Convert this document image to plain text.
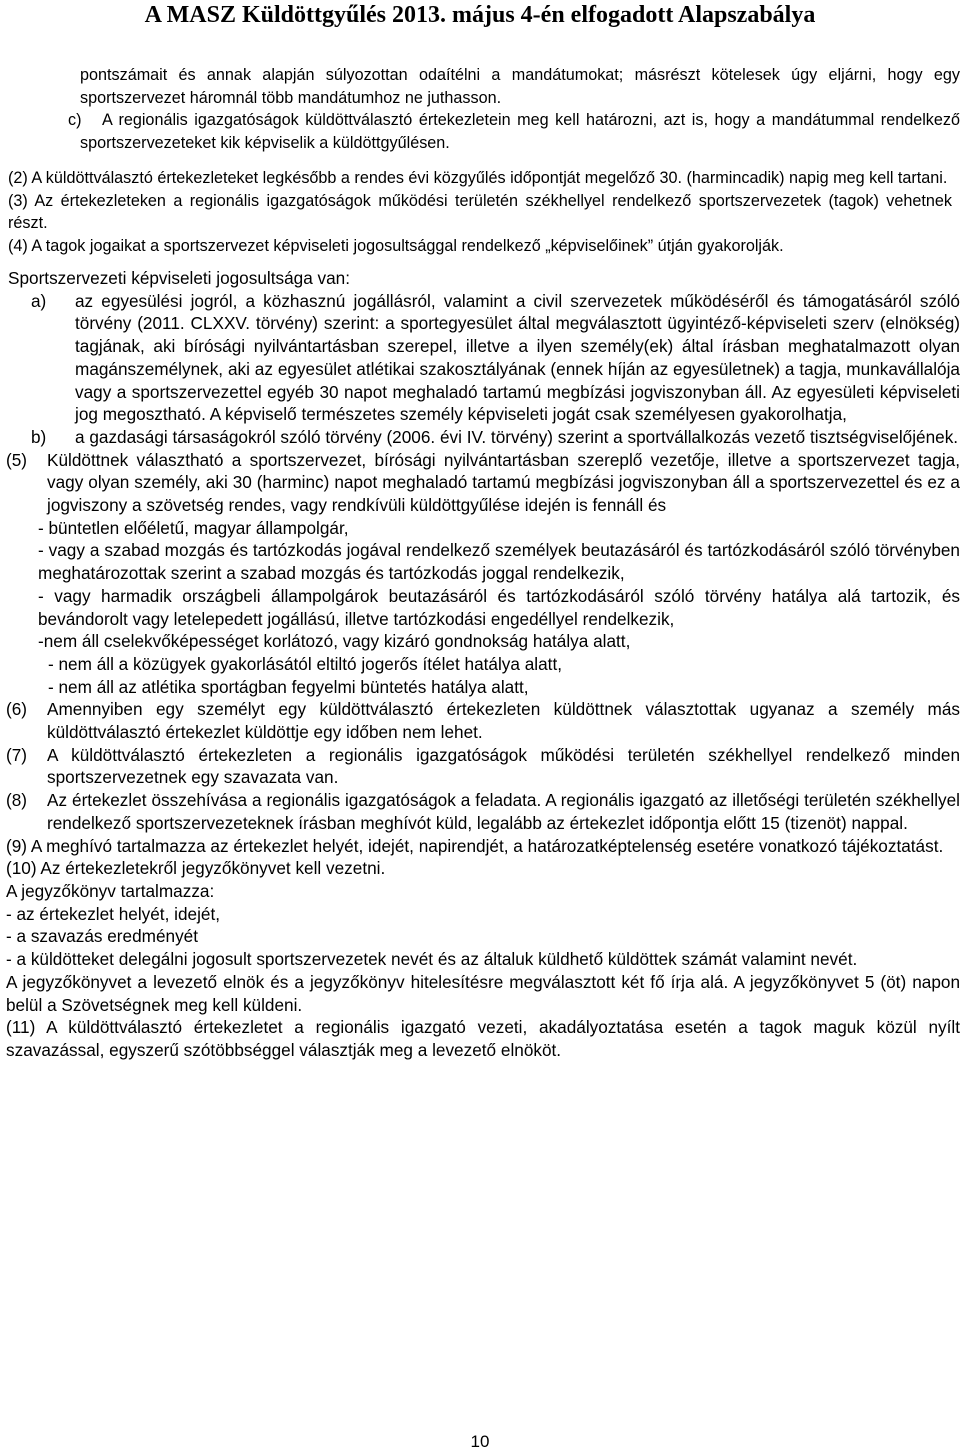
A MASZ Küldöttgyűlés 2013. május 4-én elfogadott Alapszabálya
pontszámait és annak alapján súlyozottan odaítélni a mandátumokat; másrészt kötelesek úgy eljárni, hogy egy sportszervezet háromnál több mandátumhoz ne juthasson.
c)	A regionális igazgatóságok küldöttválasztó értekezletein meg kell határozni, azt is, hogy a mandátummal rendelkező sportszervezeteket kik képviselik a küldöttgyűlésen.
(2) A küldöttválasztó értekezleteket legkésőbb a rendes évi közgyűlés időpontját megelőző 30. (harmincadik) napig meg kell tartani.
(3) Az értekezleteken a regionális igazgatóságok működési területén székhellyel rendelkező sportszervezetek (tagok) vehetnek részt.
(4) A tagok jogaikat a sportszervezet képviseleti jogosultsággal rendelkező „képviselőinek” útján gyakorolják.
Sportszervezeti képviseleti jogosultsága van:
a) az egyesülési jogról, a közhasznú jogállásról, valamint a civil szervezetek működéséről és támogatásáról szóló törvény (2011. CLXXV. törvény) szerint: a sportegyesület által megválasztott ügyintéző-képviseleti szerv (elnökség) tagjának, aki bírósági nyilvántartásban szerepel, illetve a ilyen személy(ek) által írásban meghatalmazott olyan magánszemélynek, aki az egyesület atlétikai szakosztályának (ennek híján az egyesületnek) a tagja, munkavállalója vagy a sportszervezettel egyéb 30 napot meghaladó tartamú megbízási jogviszonyban áll. Az egyesületi képviseleti jog megosztható. A képviselő természetes személy képviseleti jogát csak személyesen gyakorolhatja,
b) a gazdasági társaságokról szóló törvény (2006. évi IV. törvény) szerint a sportvállalkozás vezető tisztségviselőjének.
(5) Küldöttnek választható a sportszervezet, bírósági nyilvántartásban szereplő vezetője, illetve a sportszervezet tagja, vagy olyan személy, aki 30 (harminc) napot meghaladó tartamú megbízási jogviszonyban áll a sportszervezettel és ez a jogviszony a szövetség rendes, vagy rendkívüli küldöttgyűlése idején is fennáll és
- büntetlen előéletű, magyar állampolgár,
- vagy a szabad mozgás és tartózkodás jogával rendelkező személyek beutazásáról és tartózkodásáról szóló törvényben meghatározottak szerint a szabad mozgás és tartózkodás joggal rendelkezik,
- vagy harmadik országbeli állampolgárok beutazásáról és tartózkodásáról szóló törvény hatálya alá tartozik, és bevándorolt vagy letelepedett jogállású, illetve tartózkodási engedéllyel rendelkezik,
-nem áll cselekvőképességet korlátozó, vagy kizáró gondnokság hatálya alatt,
- nem áll a közügyek gyakorlásától eltiltó jogerős ítélet hatálya alatt,
- nem áll az atlétika sportágban fegyelmi büntetés hatálya alatt,
(6) Amennyiben egy személyt egy küldöttválasztó értekezleten küldöttnek választottak ugyanaz a személy más küldöttválasztó értekezlet küldöttje egy időben nem lehet.
(7) A küldöttválasztó értekezleten a regionális igazgatóságok működési területén székhellyel rendelkező minden sportszervezetnek egy szavazata van.
(8) Az értekezlet összehívása a regionális igazgatóságok a feladata. A regionális igazgató az illetőségi területén székhellyel rendelkező sportszervezeteknek írásban meghívót küld, legalább az értekezlet időpontja előtt 15 (tizenöt) nappal.
(9) A meghívó tartalmazza az értekezlet helyét, idejét, napirendjét, a határozatképtelenség esetére vonatkozó tájékoztatást.
(10) Az értekezletekről jegyzőkönyvet kell vezetni.
A jegyzőkönyv tartalmazza:
- az értekezlet helyét, idejét,
- a szavazás eredményét
- a küldötteket delegálni jogosult sportszervezetek nevét és az általuk küldhető küldöttek számát valamint nevét.
A jegyzőkönyvet a levezető elnök és a jegyzőkönyv hitelesítésre megválasztott két fő írja alá. A jegyzőkönyvet 5 (öt) napon belül a Szövetségnek meg kell küldeni.
(11) A küldöttválasztó értekezletet a regionális igazgató vezeti, akadályoztatása esetén a tagok maguk közül nyílt szavazással, egyszerű szótöbbséggel választják meg a levezető elnököt.
10
